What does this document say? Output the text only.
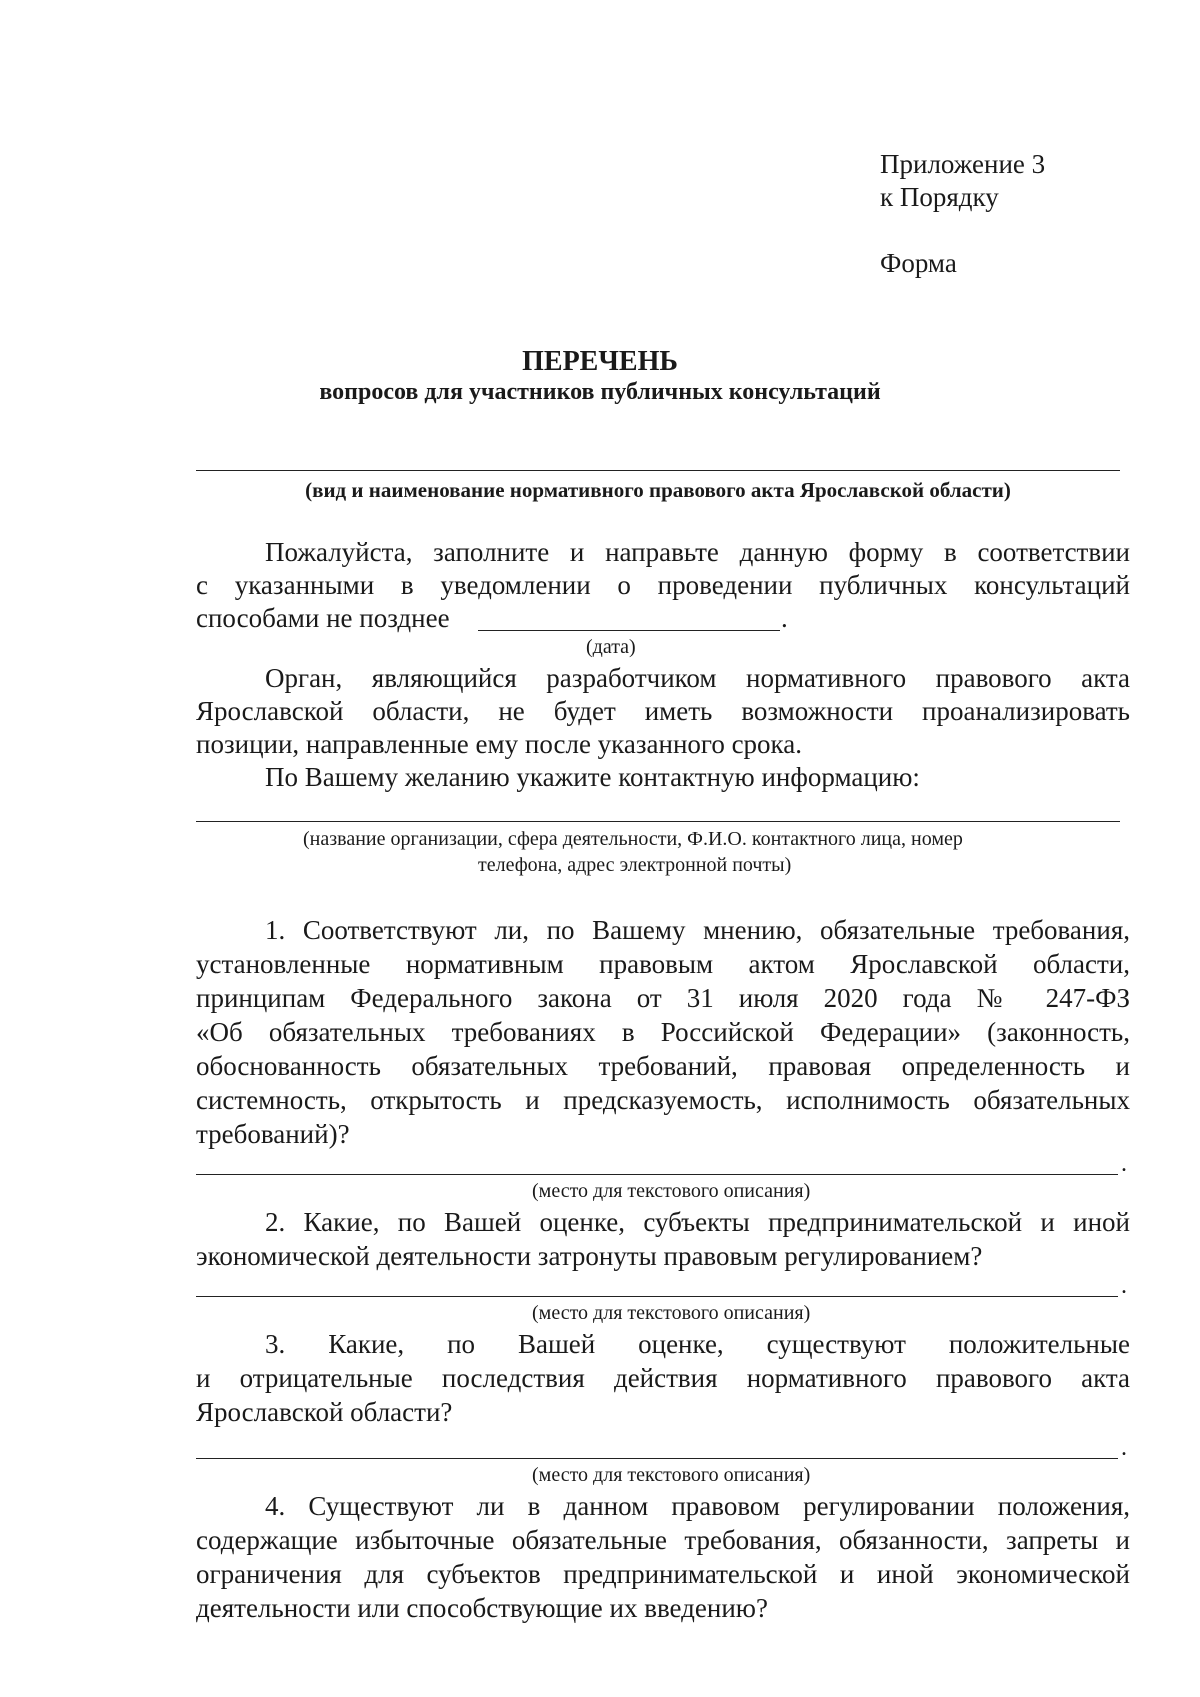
Приложение 3
к Порядку
Форма
ПЕРЕЧЕНЬ
вопросов для участников публичных консультаций
(вид и наименование нормативного правового акта Ярославской области)
Пожалуйста, заполните и направьте данную форму в соответствии
с указанными в уведомлении о проведении публичных консультаций
способами не позднее	.
(дата)
Орган, являющийся разработчиком нормативного правового акта
Ярославской области, не будет иметь возможности проанализировать
позиции, направленные ему после указанного срока.
По Вашему желанию укажите контактную информацию:
(название организации, сфера деятельности, Ф.И.О. контактного лица, номер
телефона, адрес электронной почты)
1. Соответствуют ли, по Вашему мнению, обязательные требования,
установленные нормативным правовым актом Ярославской области,
принципам Федерального закона от 31 июля 2020 года № 247-ФЗ
«Об обязательных требованиях в Российской Федерации» (законность,
обоснованность обязательных требований, правовая определенность и
системность, открытость и предсказуемость, исполнимость обязательных
требований)?
.
(место для текстового описания)
2. Какие, по Вашей оценке, субъекты предпринимательской и иной
экономической деятельности затронуты правовым регулированием?
.
(место для текстового описания)
3. Какие, по Вашей оценке, существуют положительные
и отрицательные последствия действия нормативного правового акта
Ярославской области?
.
(место для текстового описания)
4. Существуют ли в данном правовом регулировании положения,
содержащие избыточные обязательные требования, обязанности, запреты и
ограничения для субъектов предпринимательской и иной экономической
деятельности или способствующие их введению?
